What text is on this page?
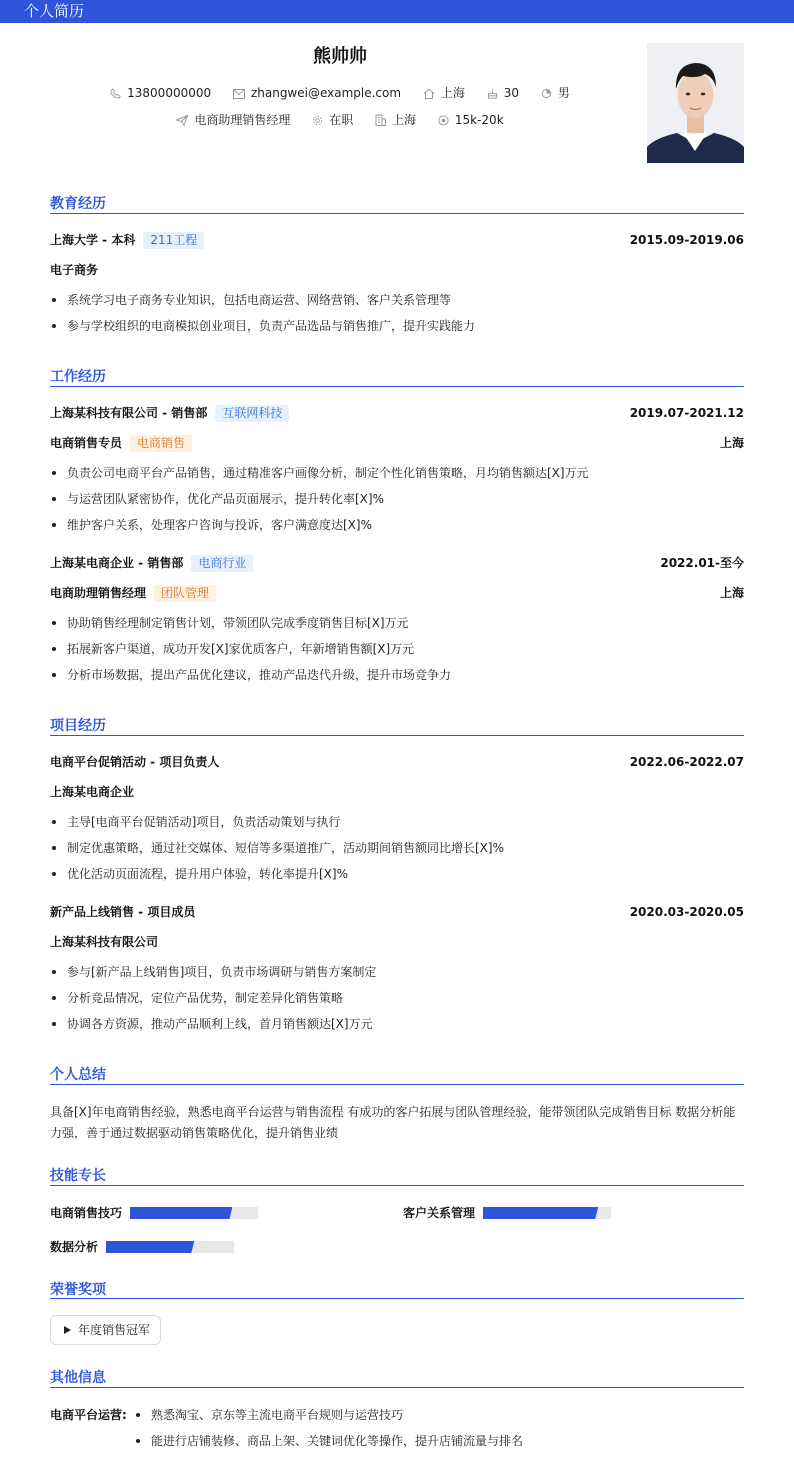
个人简历
熊帅帅
13800000000	zhangwei@example.com	上海	30	男
电商助理销售经理	在职	上海	15k-20k
教育经历
上海大学 - 本科 211工程	2015.09-2019.06
电子商务
系统学习电子商务专业知识，包括电商运营、网络营销、客户关系管理等
参与学校组织的电商模拟创业项目，负责产品选品与销售推广，提升实践能力
工作经历
上海某科技有限公司 - 销售部 互联网科技	2019.07-2021.12
电商销售专员 电商销售	上海
负责公司电商平台产品销售，通过精准客户画像分析，制定个性化销售策略，月均销售额达[X]万元
与运营团队紧密协作，优化产品页面展示，提升转化率[X]%
维护客户关系，处理客户咨询与投诉，客户满意度达[X]%
上海某电商企业 - 销售部 电商行业	2022.01-至今
电商助理销售经理 团队管理	上海
协助销售经理制定销售计划，带领团队完成季度销售目标[X]万元
拓展新客户渠道，成功开发[X]家优质客户，年新增销售额[X]万元
分析市场数据，提出产品优化建议，推动产品迭代升级，提升市场竞争力
项目经历
电商平台促销活动 - 项目负责人	2022.06-2022.07
上海某电商企业
主导[电商平台促销活动]项目，负责活动策划与执行
制定优惠策略，通过社交媒体、短信等多渠道推广，活动期间销售额同比增长[X]%
优化活动页面流程，提升用户体验，转化率提升[X]%
新产品上线销售 - 项目成员	2020.03-2020.05
上海某科技有限公司
参与[新产品上线销售]项目，负责市场调研与销售方案制定
分析竞品情况，定位产品优势，制定差异化销售策略
协调各方资源，推动产品顺利上线，首月销售额达[X]万元
个人总结
具备[X]年电商销售经验，熟悉电商平台运营与销售流程 有成功的客户拓展与团队管理经验，能带领团队完成销售目标 数据分析能力强，善于通过数据驱动销售策略优化，提升销售业绩
技能专长
电商销售技巧	客户关系管理
数据分析
荣誉奖项
年度销售冠军
其他信息
电商平台运营:	熟悉淘宝、京东等主流电商平台规则与运营技巧
能进行店铺装修、商品上架、关键词优化等操作，提升店铺流量与排名
